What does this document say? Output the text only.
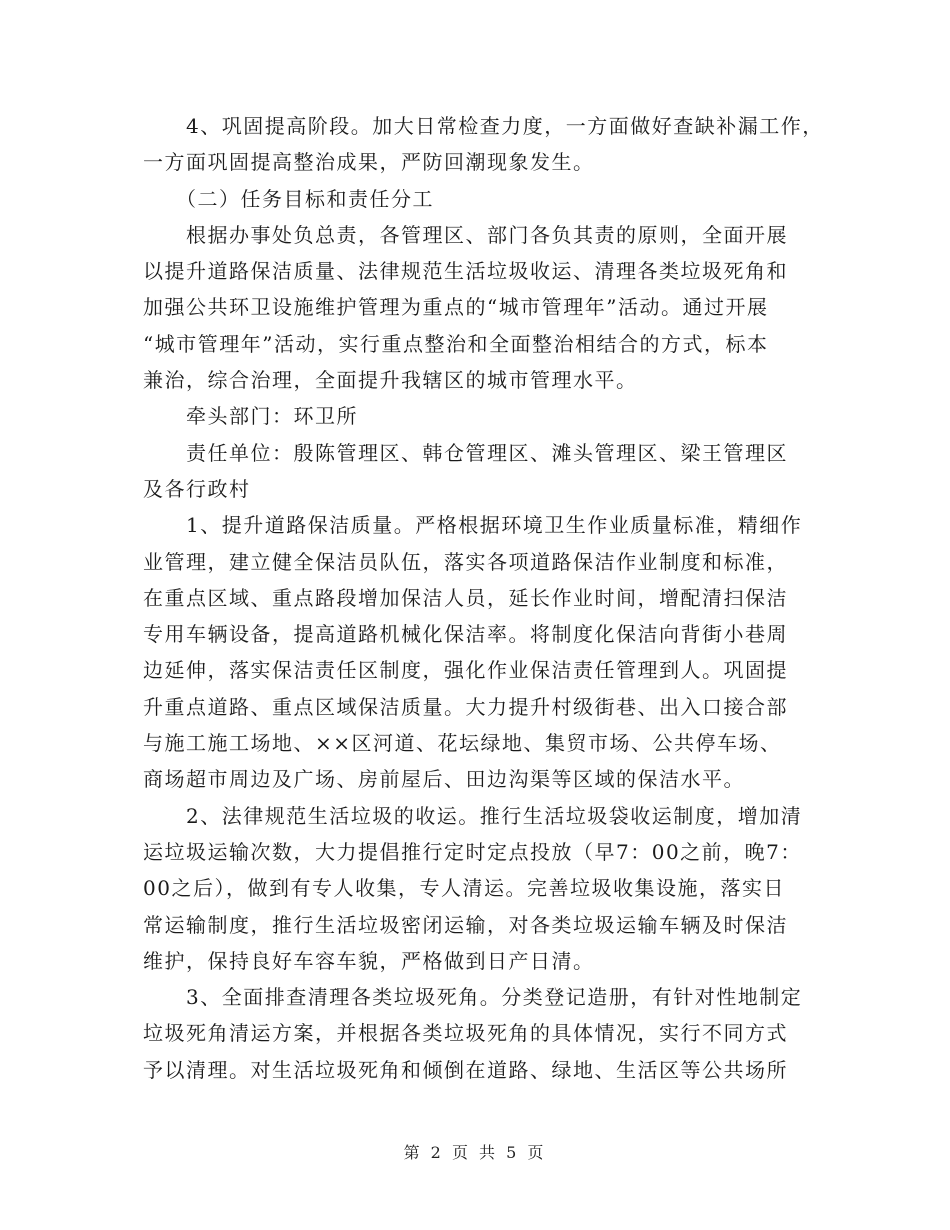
　　4、巩固提高阶段。加大日常检查力度，一方面做好查缺补漏工作，
一方面巩固提高整治成果，严防回潮现象发生。
　　（二）任务目标和责任分工
　　根据办事处负总责，各管理区、部门各负其责的原则，全面开展
以提升道路保洁质量、法律规范生活垃圾收运、清理各类垃圾死角和
加强公共环卫设施维护管理为重点的“城市管理年”活动。通过开展
“城市管理年”活动，实行重点整治和全面整治相结合的方式，标本
兼治，综合治理，全面提升我辖区的城市管理水平。
　　牵头部门：环卫所
　　责任单位：殷陈管理区、韩仓管理区、滩头管理区、梁王管理区
及各行政村
　　1、提升道路保洁质量。严格根据环境卫生作业质量标准，精细作
业管理，建立健全保洁员队伍，落实各项道路保洁作业制度和标准，
在重点区域、重点路段增加保洁人员，延长作业时间，增配清扫保洁
专用车辆设备，提高道路机械化保洁率。将制度化保洁向背街小巷周
边延伸，落实保洁责任区制度，强化作业保洁责任管理到人。巩固提
升重点道路、重点区域保洁质量。大力提升村级街巷、出入口接合部
与施工施工场地、××区河道、花坛绿地、集贸市场、公共停车场、
商场超市周边及广场、房前屋后、田边沟渠等区域的保洁水平。
　　2、法律规范生活垃圾的收运。推行生活垃圾袋收运制度，增加清
运垃圾运输次数，大力提倡推行定时定点投放（早7：00之前，晚7：
00之后），做到有专人收集，专人清运。完善垃圾收集设施，落实日
常运输制度，推行生活垃圾密闭运输，对各类垃圾运输车辆及时保洁
维护，保持良好车容车貌，严格做到日产日清。
　　3、全面排查清理各类垃圾死角。分类登记造册，有针对性地制定
垃圾死角清运方案，并根据各类垃圾死角的具体情况，实行不同方式
予以清理。对生活垃圾死角和倾倒在道路、绿地、生活区等公共场所
第 2 页 共 5 页
